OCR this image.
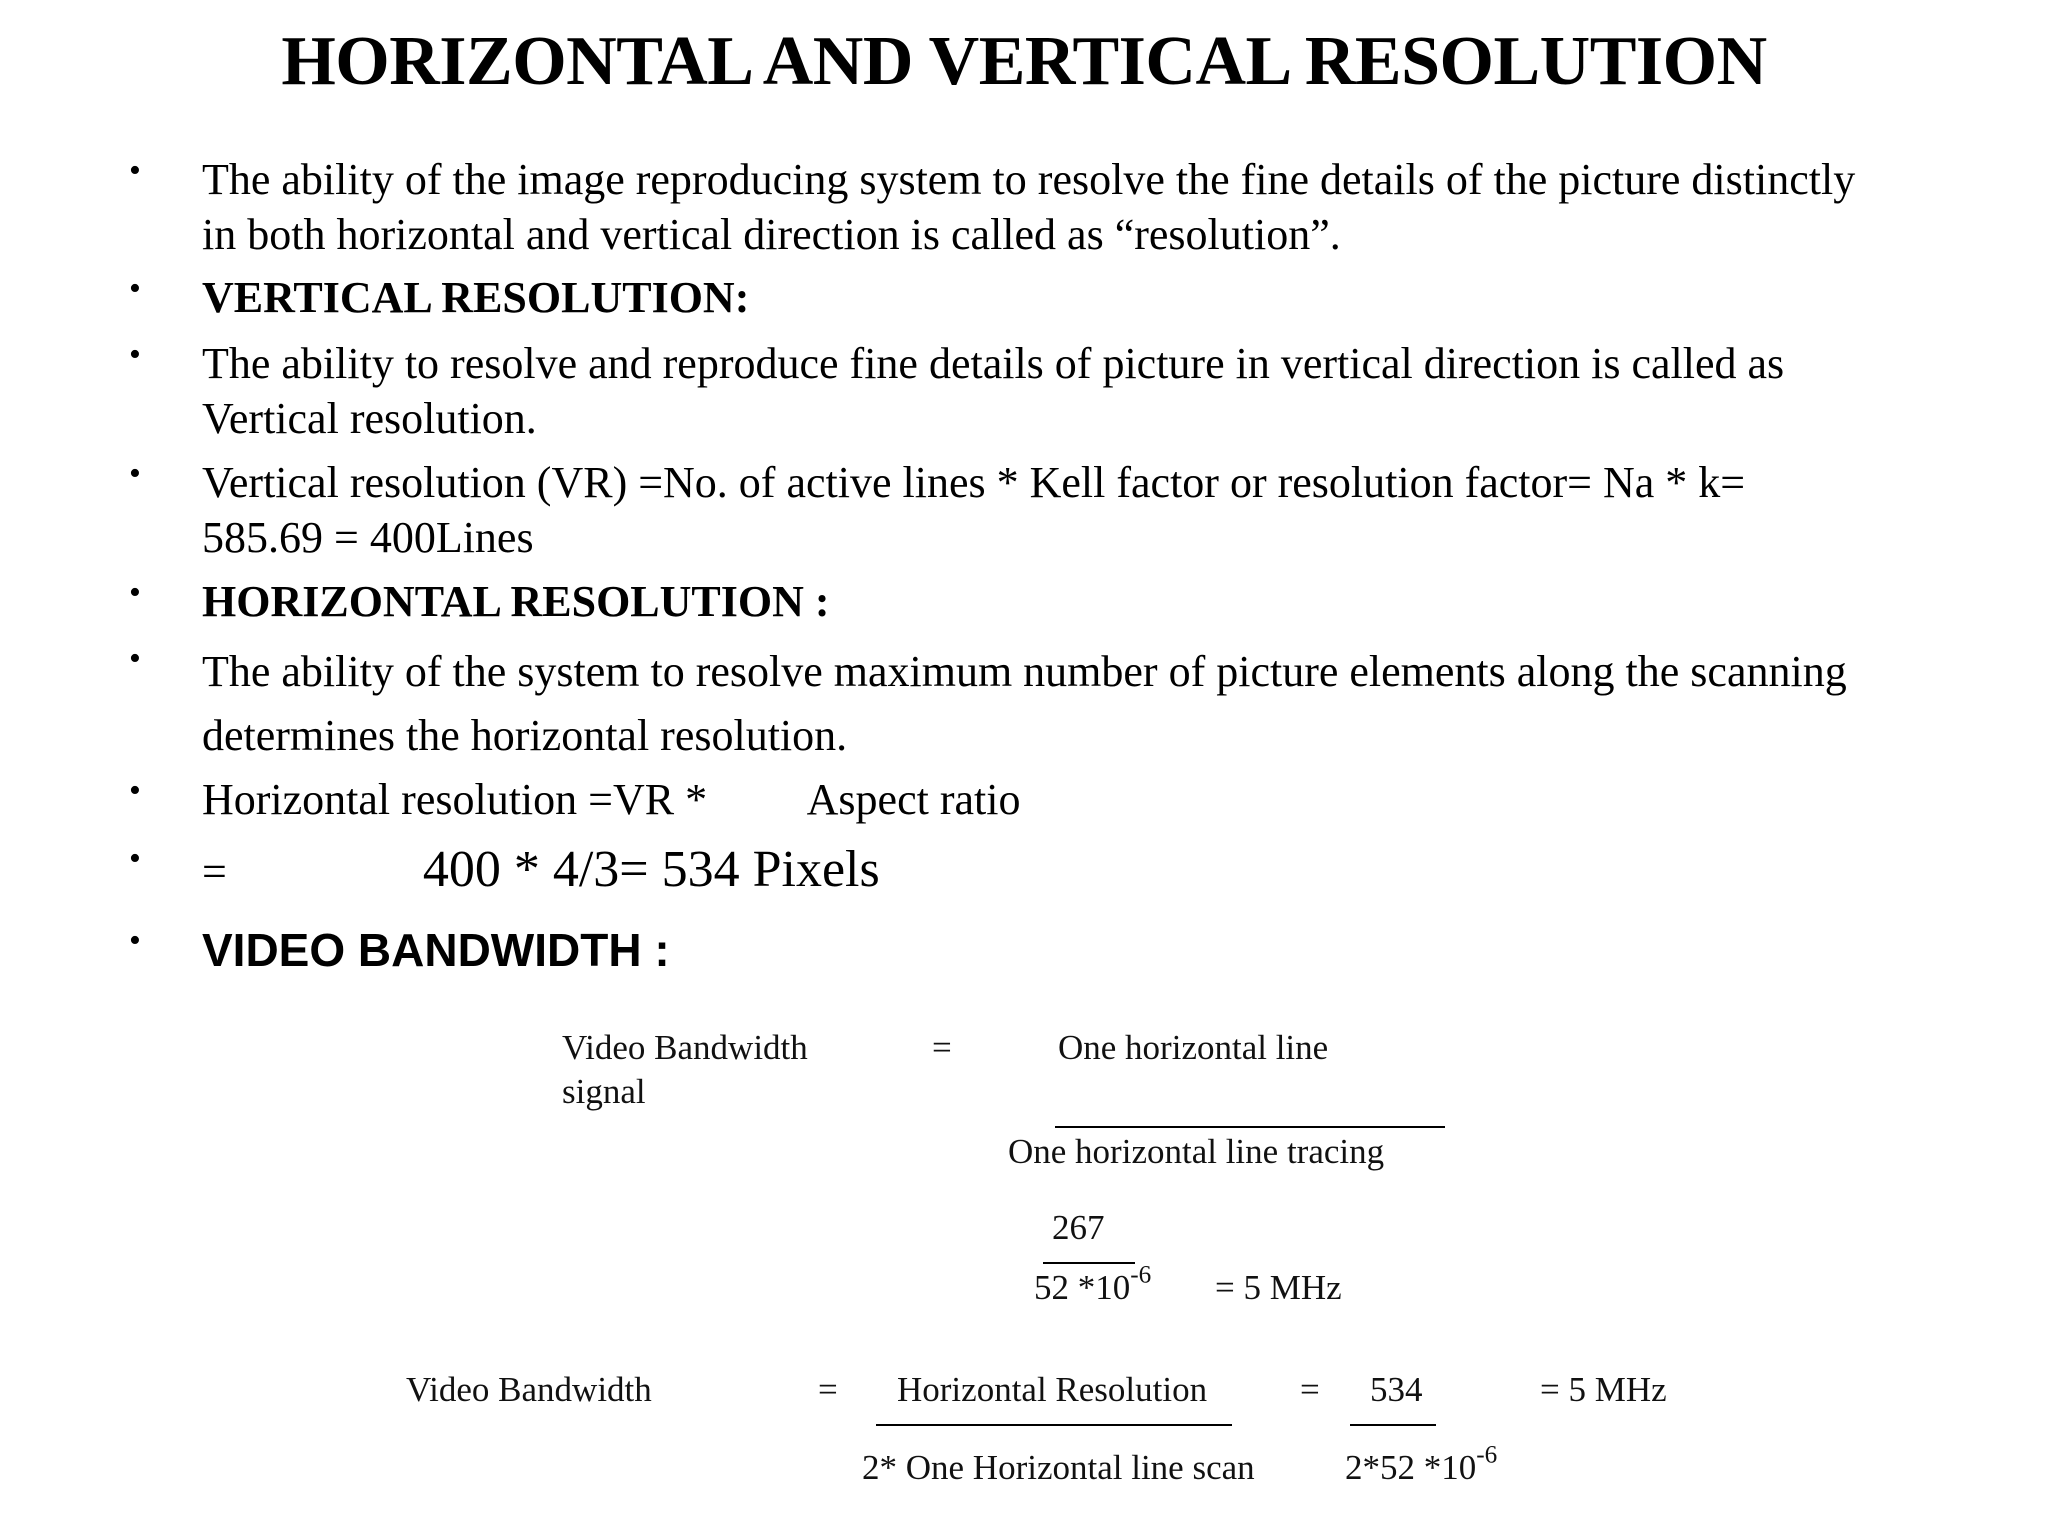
HORIZONTAL AND VERTICAL RESOLUTION
• The ability of the image reproducing system to resolve the fine details of the picture distinctly
in both horizontal and vertical direction is called as “resolution”.
• VERTICAL RESOLUTION:
• The ability to resolve and reproduce fine details of picture in vertical direction is called as
Vertical resolution.
• Vertical resolution (VR) =No. of active lines * Kell factor or resolution factor= Na * k=
585.69 = 400Lines
• HORIZONTAL RESOLUTION :
• The ability of the system to resolve maximum number of picture elements along the scanning
determines the horizontal resolution.
• Horizontal resolution =VR * Aspect ratio
• =	400 * 4/3= 534 Pixels
• VIDEO BANDWIDTH :
Video Bandwidth
signal
=	One horizontal line
One horizontal line tracing
267
52 $*10^{-6} = 5$ MHz
Video Bandwidth	= Horizontal Resolution
2* One Horizontal line scan
= 534
2*52 $*10^{-6}$
= 5 MHz
